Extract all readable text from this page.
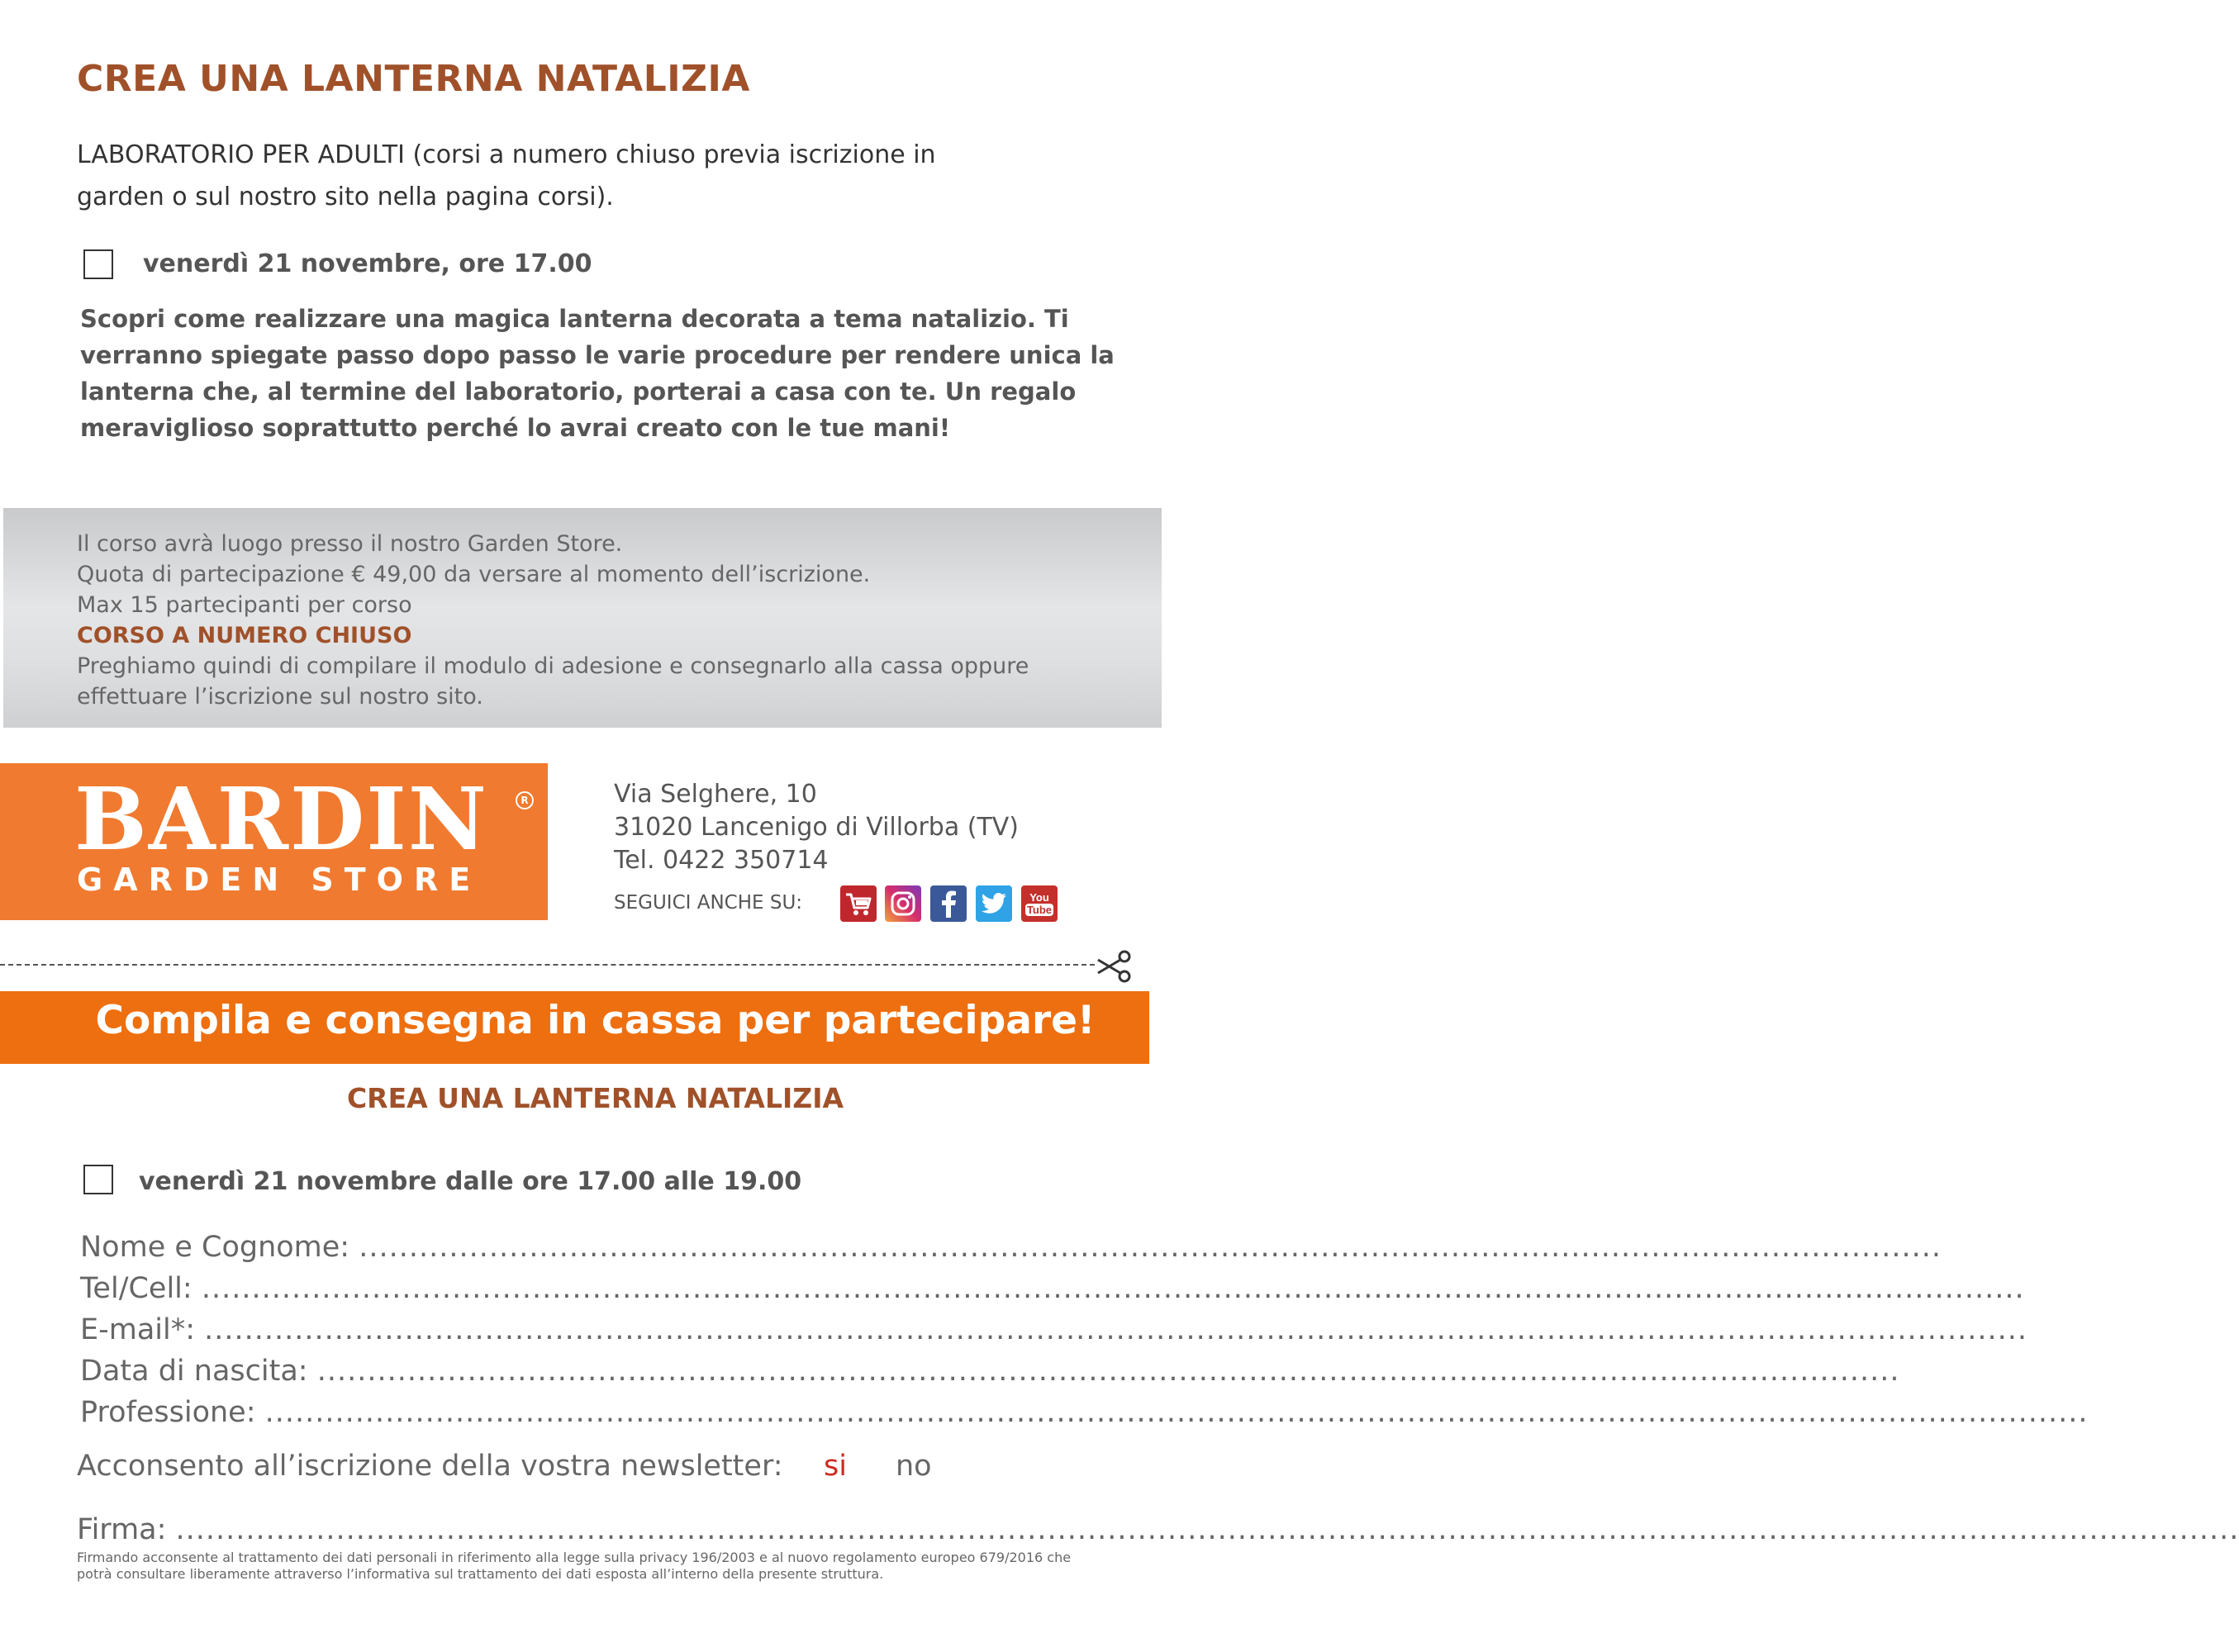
CREA UNA LANTERNA NATALIZIA
LABORATORIO PER ADULTI (corsi a numero chiuso previa iscrizione in garden o sul nostro sito nella pagina corsi).
venerdì 21 novembre, ore 17.00
Scopri come realizzare una magica lanterna decorata a tema natalizio. Ti verranno spiegate passo dopo passo le varie procedure per rendere unica la lanterna che, al termine del laboratorio, porterai a casa con te. Un regalo meraviglioso soprattutto perché lo avrai creato con le tue mani!
Il corso avrà luogo presso il nostro Garden Store.
Quota di partecipazione € 49,00 da versare al momento dell’iscrizione.
Max 15 partecipanti per corso
CORSO A NUMERO CHIUSO
Preghiamo quindi di compilare il modulo di adesione e consegnarlo alla cassa oppure effettuare l’iscrizione sul nostro sito.
BARDIN	R
GARDEN STORE
Via Selghere, 10
31020 Lancenigo di Villorba (TV)
Tel. 0422 350714
SEGUICI ANCHE SU:	You
Tube
Compila e consegna in cassa per partecipare!
CREA UNA LANTERNA NATALIZIA
venerdì 21 novembre dalle ore 17.00 alle 19.00
Nome e Cognome: ..............................................................................................................................................................
Tel/Cell: ......................................................................................................................................................................................
E-mail*: ......................................................................................................................................................................................
Data di nascita: ..............................................................................................................................................................
Professione: ......................................................................................................................................................................................
Acconsento all’iscrizione della vostra newsletter: si no
Firma: ..............................................................................................................................................................................................................
Firmando acconsente al trattamento dei dati personali in riferimento alla legge sulla privacy 196/2003 e al nuovo regolamento europeo 679/2016 che potrà consultare liberamente attraverso l’informativa sul trattamento dei dati esposta all’interno della presente struttura.
